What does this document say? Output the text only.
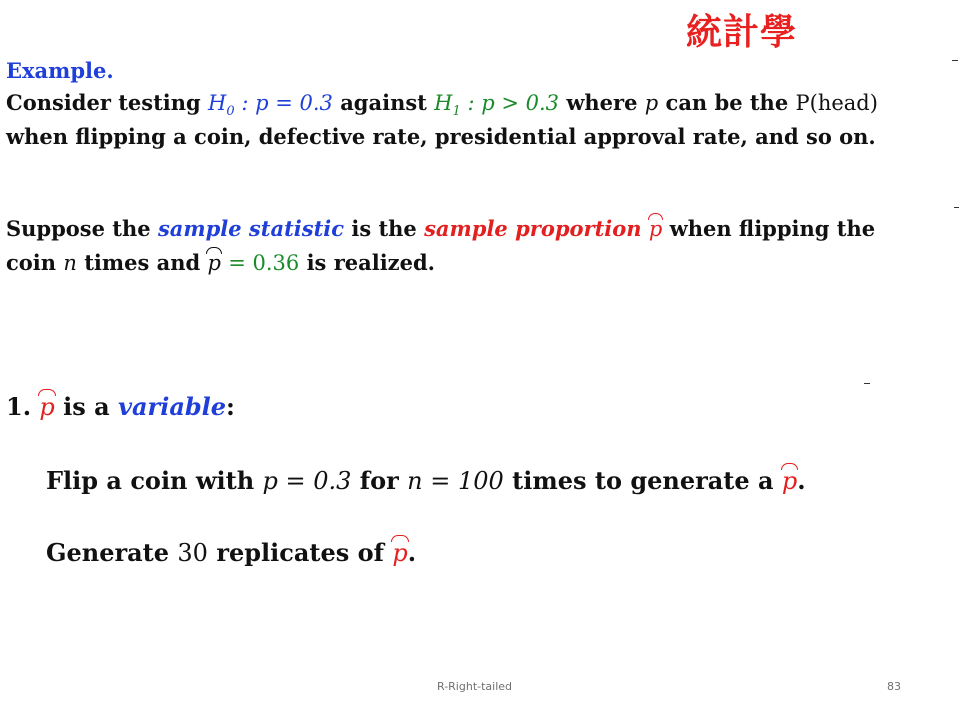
統計學
Example.
Consider testing $H_0$ : p = 0.3 against $H_1$ : p > 0.3 where p can be the P(head)
when flipping a coin, defective rate, presidential approval rate, and so on.
Suppose the sample statistic is the sample proportion p when flipping the
coin n times and p = 0.36 is realized.
1. p is a variable:
Flip a coin with p = 0.3 for n = 100 times to generate a p.
Generate 30 replicates of p.
R-Right-tailed	83
